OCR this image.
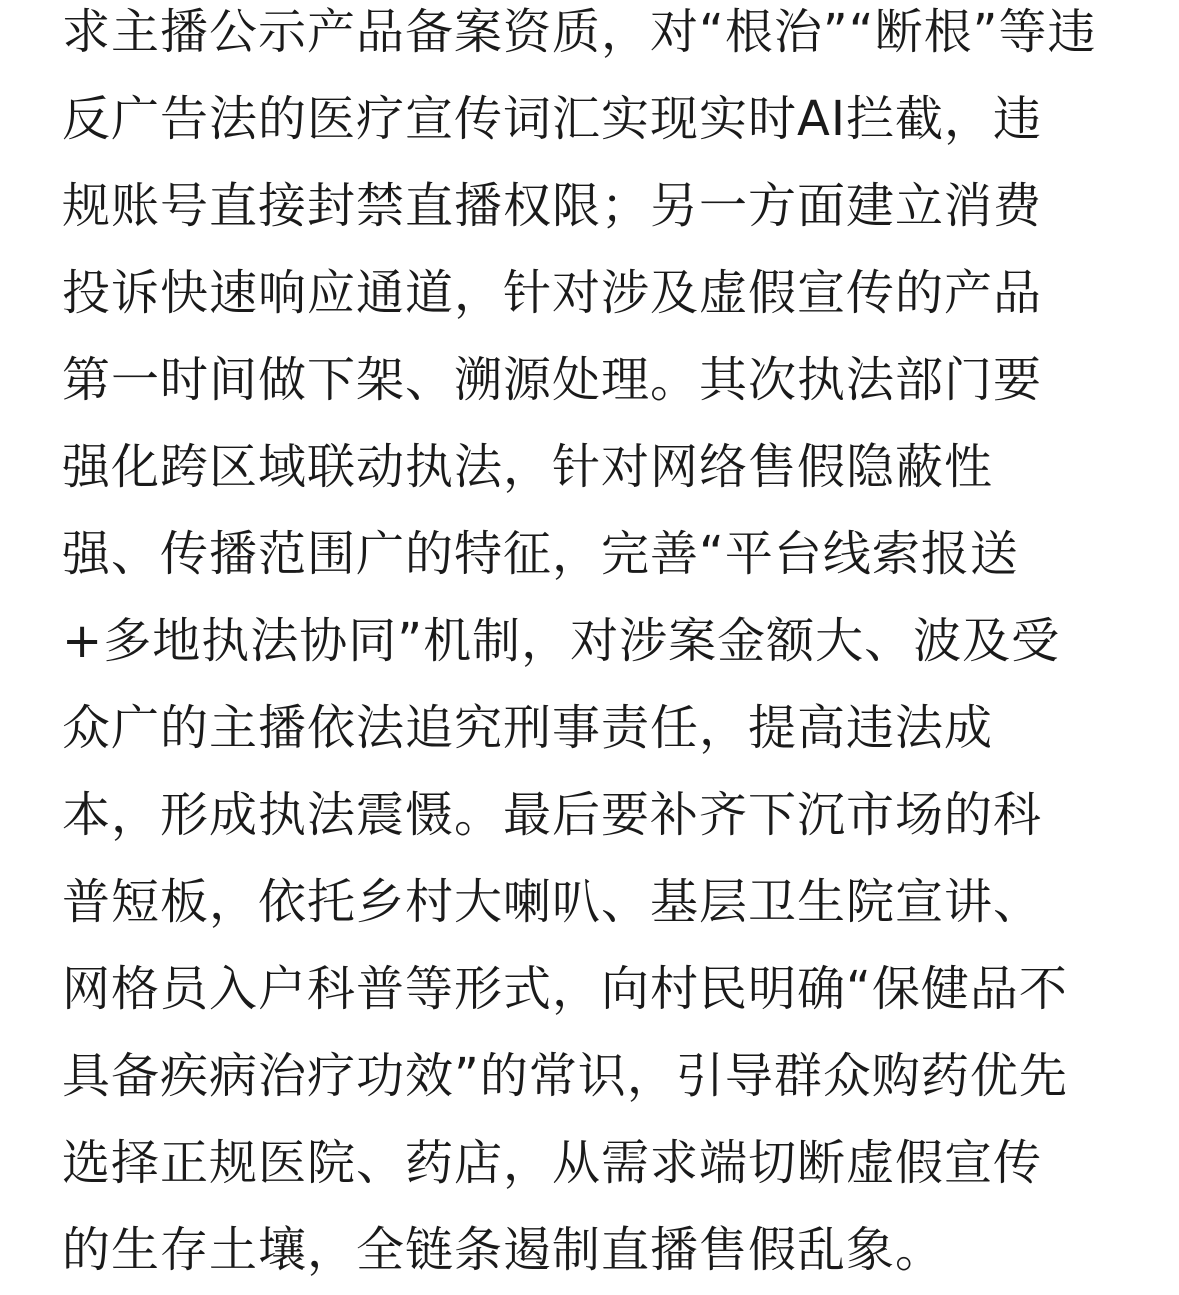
求主播公示产品备案资质，对“根治”“断根”等违
反广告法的医疗宣传词汇实现实时AI拦截，违
规账号直接封禁直播权限；另一方面建立消费
投诉快速响应通道，针对涉及虚假宣传的产品
第一时间做下架、溯源处理。其次执法部门要
强化跨区域联动执法，针对网络售假隐蔽性
强、传播范围广的特征，完善“平台线索报送
+多地执法协同”机制，对涉案金额大、波及受
众广的主播依法追究刑事责任，提高违法成
本，形成执法震慑。最后要补齐下沉市场的科
普短板，依托乡村大喇叭、基层卫生院宣讲、
网格员入户科普等形式，向村民明确“保健品不
具备疾病治疗功效”的常识，引导群众购药优先
选择正规医院、药店，从需求端切断虚假宣传
的生存土壤，全链条遏制直播售假乱象。
